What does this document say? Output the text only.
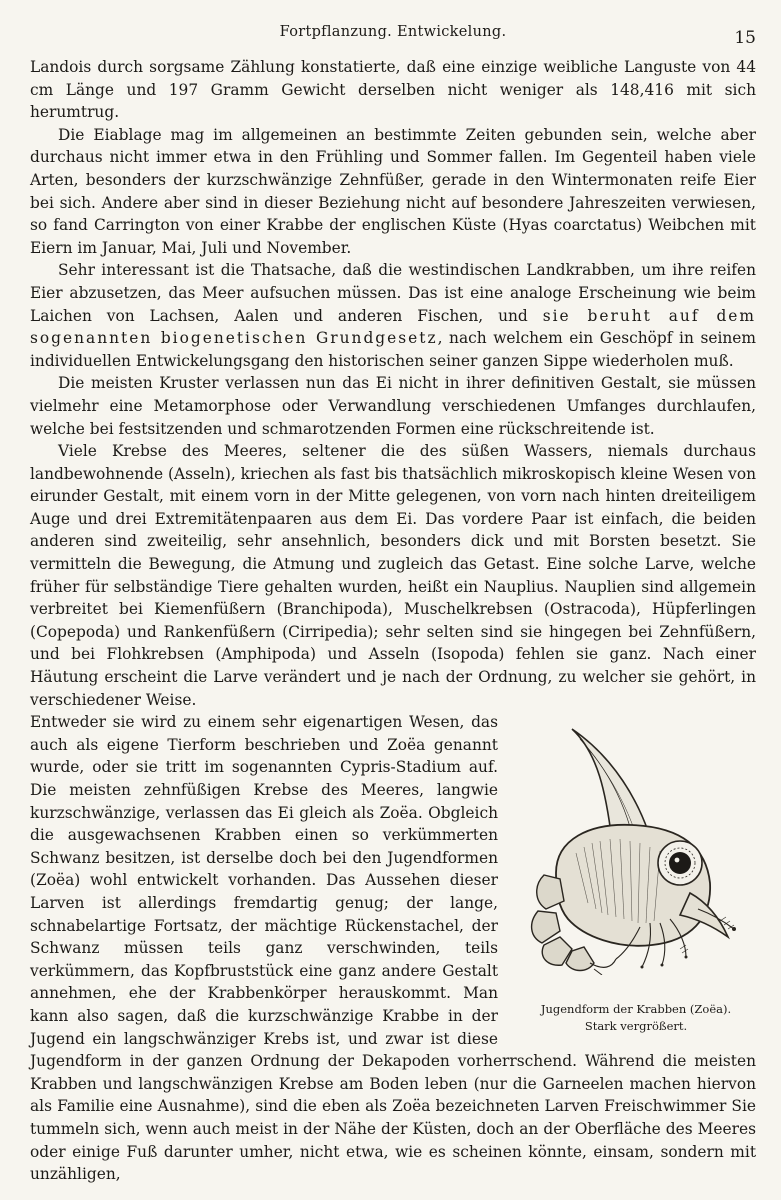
Fortpflanzung. Entwickelung.	15

Landois durch sorgsame Zählung konstatierte, daß eine einzige weibliche Languste von 44 cm Länge und 197 Gramm Gewicht derselben nicht weniger als 148,416 mit sich herumtrug.

Die Eiablage mag im allgemeinen an bestimmte Zeiten gebunden sein, welche aber durchaus nicht immer etwa in den Frühling und Sommer fallen. Im Gegenteil haben viele Arten, besonders der kurzschwänzige Zehnfüßer, gerade in den Wintermonaten reife Eier bei sich. Andere aber sind in dieser Beziehung nicht auf besondere Jahreszeiten verwiesen, so fand Carrington von einer Krabbe der englischen Küste (Hyas coarctatus) Weibchen mit Eiern im Januar, Mai, Juli und November.

Sehr interessant ist die Thatsache, daß die westindischen Landkrabben, um ihre reifen Eier abzusetzen, das Meer aufsuchen müssen. Das ist eine analoge Erscheinung wie beim Laichen von Lachsen, Aalen und anderen Fischen, und sie beruht auf dem sogenannten biogenetischen Grundgesetz, nach welchem ein Geschöpf in seinem individuellen Entwickelungsgang den historischen seiner ganzen Sippe wiederholen muß.

Die meisten Kruster verlassen nun das Ei nicht in ihrer definitiven Gestalt, sie müssen vielmehr eine Metamorphose oder Verwandlung verschiedenen Umfanges durchlaufen, welche bei festsitzenden und schmarotzenden Formen eine rückschreitende ist.

Viele Krebse des Meeres, seltener die des süßen Wassers, niemals durchaus landbewohnende (Asseln), kriechen als fast bis thatsächlich mikroskopisch kleine Wesen von eirunder Gestalt, mit einem vorn in der Mitte gelegenen, von vorn nach hinten dreiteiligem Auge und drei Extremitätenpaaren aus dem Ei. Das vordere Paar ist einfach, die beiden anderen sind zweiteilig, sehr ansehnlich, besonders dick und mit Borsten besetzt. Sie vermitteln die Bewegung, die Atmung und zugleich das Getast. Eine solche Larve, welche früher für selbständige Tiere gehalten wurden, heißt ein Nauplius. Nauplien sind allgemein verbreitet bei Kiemenfüßern (Branchipoda), Muschelkrebsen (Ostracoda), Hüpferlingen (Copepoda) und Rankenfüßern (Cirripedia); sehr selten sind sie hingegen bei Zehnfüßern, und bei Flohkrebsen (Amphipoda) und Asseln (Isopoda) fehlen sie ganz. Nach einer Häutung erscheint die Larve verändert und je nach der Ordnung, zu welcher sie gehört, in verschiedener Weise.

Jugendform der Krabben (Zoëa).
Stark vergrößert.

Entweder sie wird zu einem sehr eigenartigen Wesen, das auch als eigene Tierform beschrieben und Zoëa genannt wurde, oder sie tritt im sogenannten Cypris-Stadium auf. Die meisten zehnfüßigen Krebse des Meeres, langwie kurzschwänzige, verlassen das Ei gleich als Zoëa. Obgleich die ausgewachsenen Krabben einen so verkümmerten Schwanz besitzen, ist derselbe doch bei den Jugendformen (Zoëa) wohl entwickelt vorhanden. Das Aussehen dieser Larven ist allerdings fremdartig genug; der lange, schnabelartige Fortsatz, der mächtige Rückenstachel, der Schwanz müssen teils ganz verschwinden, teils verkümmern, das Kopfbruststück eine ganz andere Gestalt annehmen, ehe der Krabbenkörper herauskommt. Man kann also sagen, daß die kurzschwänzige Krabbe in der Jugend ein langschwänziger Krebs ist, und zwar ist diese Jugendform in der ganzen Ordnung der Dekapoden vorherrschend. Während die meisten Krabben und langschwänzigen Krebse am Boden leben (nur die Garneelen machen hiervon als Familie eine Ausnahme), sind die eben als Zoëa bezeichneten Larven Freischwimmer Sie tummeln sich, wenn auch meist in der Nähe der Küsten, doch an der Oberfläche des Meeres oder einige Fuß darunter umher, nicht etwa, wie es scheinen könnte, einsam, sondern mit unzähligen,
